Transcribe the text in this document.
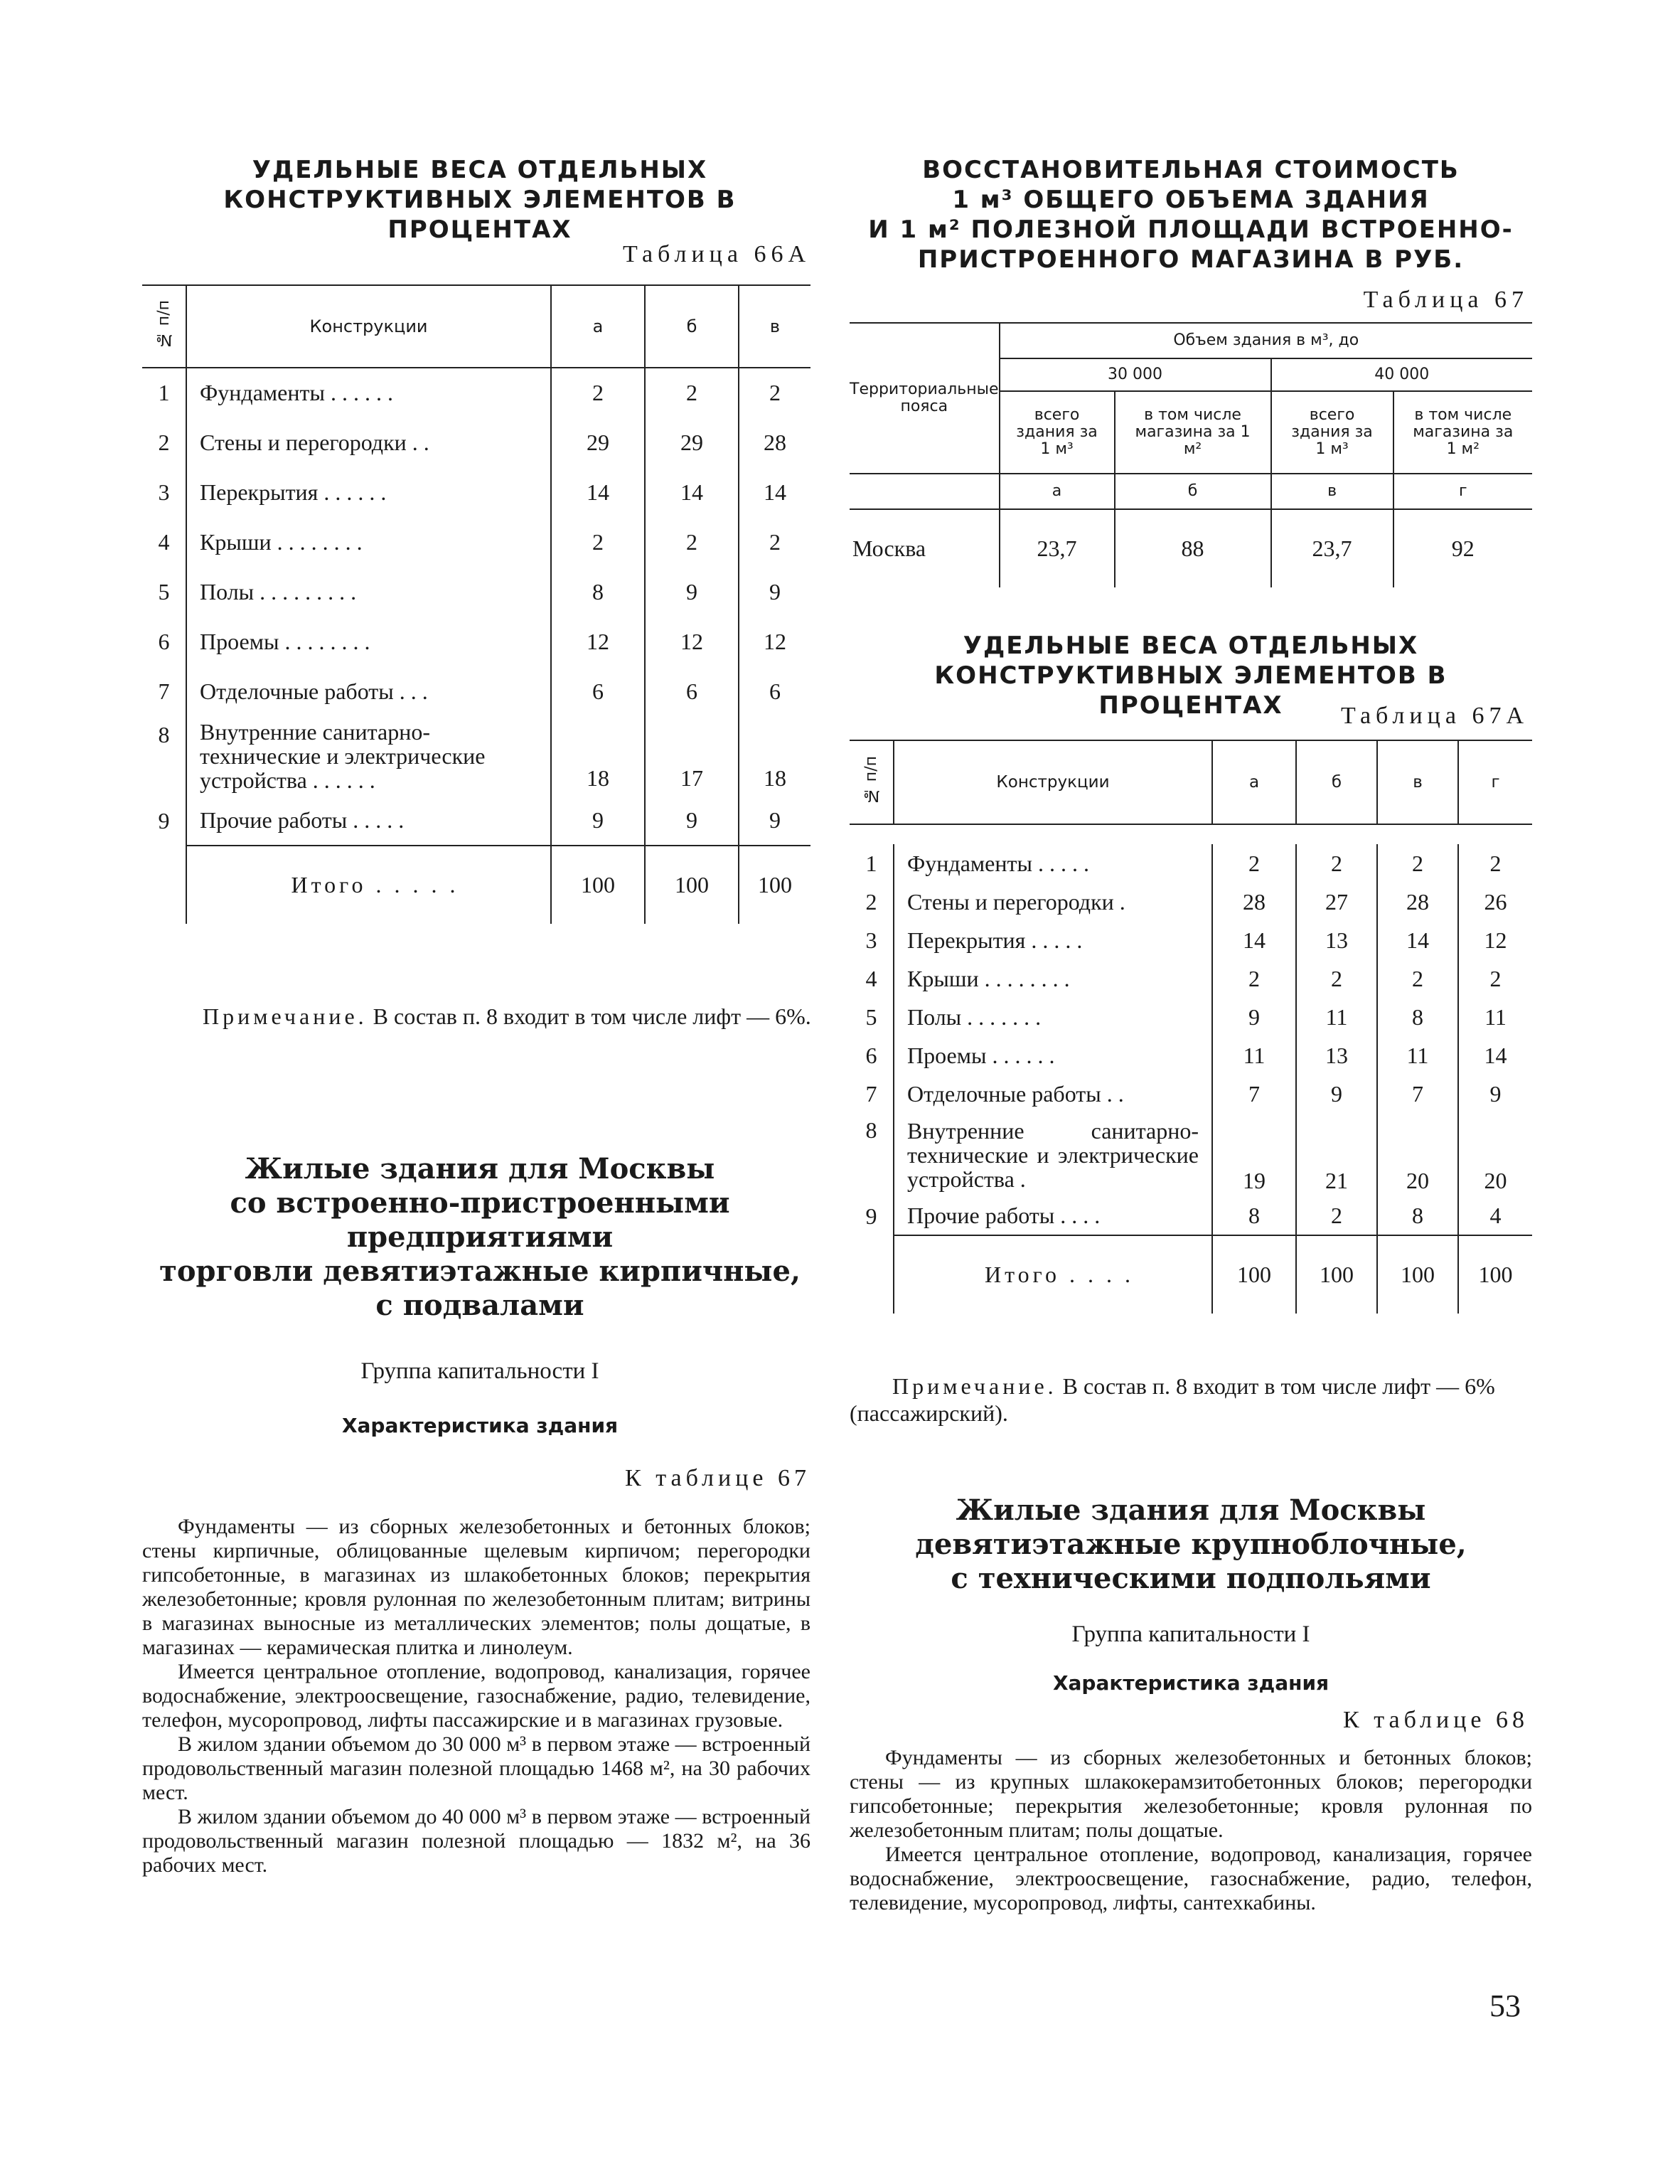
УДЕЛЬНЫЕ ВЕСА ОТДЕЛЬНЫХ
КОНСТРУКТИВНЫХ ЭЛЕМЕНТОВ В ПРОЦЕНТАХ
Таблица 66А
№ п/п	Конструкции	а	б	в
1	Фундаменты . . . . . .	2	2	2
2	Стены и перегородки . .	29	29	28
3	Перекрытия . . . . . .	14	14	14
4	Крыши . . . . . . . .	2	2	2
5	Полы . . . . . . . . .	8	9	9
6	Проемы . . . . . . . .	12	12	12
7	Отделочные работы . . .	6	6	6
8	Внутренние санитарно-технические и электрические устройства . . . . . .	18	17	18
9	Прочие работы . . . . .	9	9	9
	Итого . . . . .	100	100	100
Примечание. В состав п. 8 входит в том числе лифт — 6%.
Жилые здания для Москвы
со встроенно-пристроенными предприятиями
торговли девятиэтажные кирпичные,
с подвалами
Группа капитальности I
Характеристика здания
К таблице 67

Фундаменты — из сборных железобетонных и бетонных блоков; стены кирпичные, облицованные щелевым кирпичом; перегородки гипсобетонные, в магазинах из шлакобетонных блоков; перекрытия железобетонные; кровля рулонная по железобетонным плитам; витрины в магазинах выносные из металлических элементов; полы дощатые, в магазинах — керамическая плитка и линолеум.

Имеется центральное отопление, водопровод, канализация, горячее водоснабжение, электроосвещение, газоснабжение, радио, телевидение, телефон, мусоропровод, лифты пассажирские и в магазинах грузовые.

В жилом здании объемом до 30 000 м³ в первом этаже — встроенный продовольственный магазин полезной площадью 1468 м², на 30 рабочих мест.

В жилом здании объемом до 40 000 м³ в первом этаже — встроенный продовольственный магазин полезной площадью — 1832 м², на 36 рабочих мест.

ВОССТАНОВИТЕЛЬНАЯ СТОИМОСТЬ
1 м³ ОБЩЕГО ОБЪЕМА ЗДАНИЯ
И 1 м² ПОЛЕЗНОЙ ПЛОЩАДИ ВСТРОЕННО-
ПРИСТРОЕННОГО МАГАЗИНА В РУБ.
Таблица 67
Территориальные пояса	Объем здания в м³, до			
	30 000		40 000	
	всего здания за 1 м³	в том числе магазина за 1 м²	всего здания за 1 м³	в том числе магазина за 1 м²
	а	б	в	г
Москва	23,7	88	23,7	92
УДЕЛЬНЫЕ ВЕСА ОТДЕЛЬНЫХ
КОНСТРУКТИВНЫХ ЭЛЕМЕНТОВ В ПРОЦЕНТАХ	Таблица 67А
№ п/п	Конструкции	а	б	в	г

1	Фундаменты . . . . .	2	2	2	2
2	Стены и перегородки .	28	27	28	26
3	Перекрытия . . . . .	14	13	14	12
4	Крыши . . . . . . . .	2	2	2	2
5	Полы . . . . . . .	9	11	8	11
6	Проемы . . . . . .	11	13	11	14
7	Отделочные работы . .	7	9	7	9
8	Внутренние санитарно-технические и электрические устройства .	19	21	20	20
9	Прочие работы . . . .	8	2	8	4
	Итого . . . .	100	100	100	100
Примечание. В состав п. 8 входит в том числе лифт — 6% (пассажирский).
Жилые здания для Москвы
девятиэтажные крупноблочные,
с техническими подпольями
Группа капитальности I
Характеристика здания
К таблице 68

Фундаменты — из сборных железобетонных и бетонных блоков; стены — из крупных шлакокерамзитобетонных блоков; перегородки гипсобетонные; перекрытия железобетонные; кровля рулонная по железобетонным плитам; полы дощатые.

Имеется центральное отопление, водопровод, канализация, горячее водоснабжение, электроосвещение, газоснабжение, радио, телефон, телевидение, мусоропровод, лифты, сантехкабины.

53
